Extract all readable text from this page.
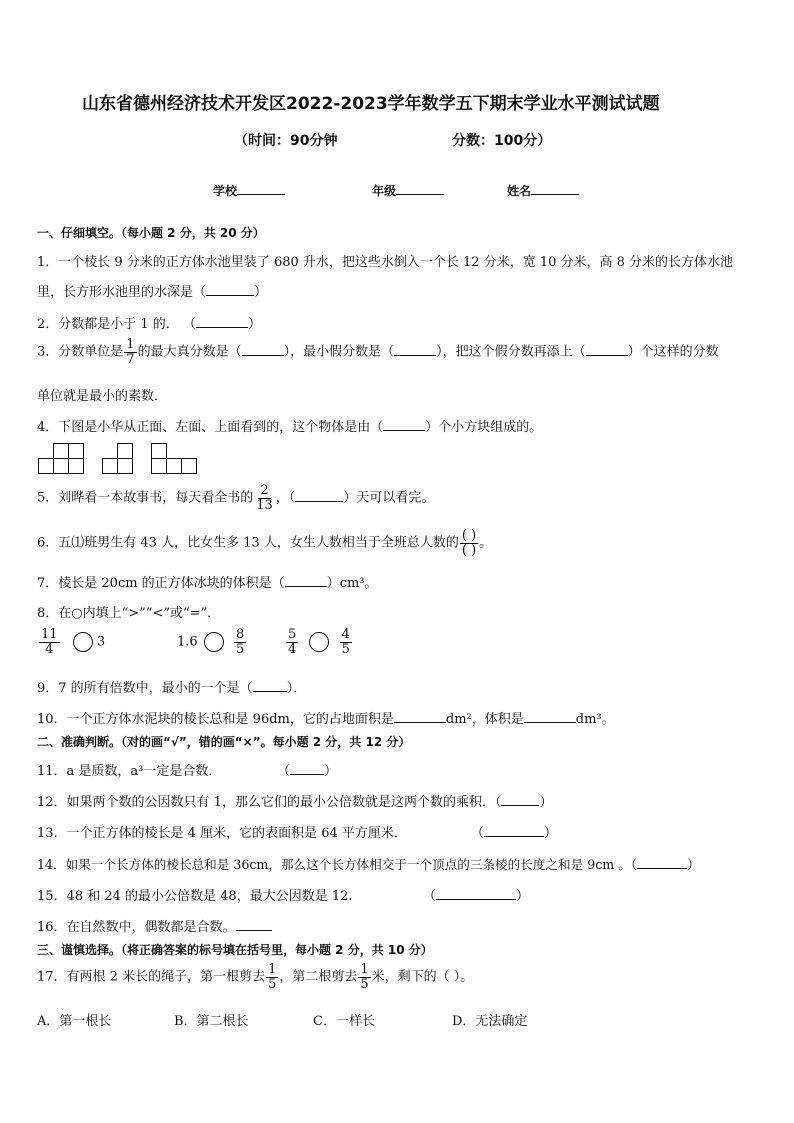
山东省德州经济技术开发区2022-2023学年数学五下期末学业水平测试试题
（时间：90分钟	分数：100分）
学校	年级	姓名
一、仔细填空。（每小题 2 分，共 20 分）
1．一个棱长 9 分米的正方体水池里装了 680 升水，把这些水倒入一个长 12 分米，宽 10 分米，高 8 分米的长方体水池
里，长方形水池里的水深是（	）
2．分数都是小于 1 的． （	）
3．分数单位是 $\frac{1}{7}$ 的最大真分数是（	），最小假分数是（	），把这个假分数再添上（	）个这样的分数
单位就是最小的素数．
4．下图是小华从正面、左面、上面看到的，这个物体是由（	）个小方块组成的。
5．刘晔看一本故事书，每天看全书的 $\frac{2}{13}$ ，（	）天可以看完。
6．五⑴班男生有 43 人，比女生多 13 人，女生人数相当于全班总人数的 $\frac{( )}{( )}$ 。
7．棱长是 20cm 的正方体冰块的体积是（	）cm³。
8．在○内填上“>”“<”或“=”．
$\frac{11}{4}$	3	1.6	$\frac{8}{5}$	$\frac{5}{4}$
	$\frac{4}{5}$
9．7 的所有倍数中，最小的一个是（	）．
10．一个正方体水泥块的棱长总和是 96dm，它的占地面积是	dm²，体积是	dm³。
二、准确判断。（对的画“√”，错的画“×”。每小题 2 分，共 12 分）
11．a 是质数，a³一定是合数．	（	）
12．如果两个数的公因数只有 1，那么它们的最小公倍数就是这两个数的乘积．（	）
13．一个正方体的棱长是 4 厘米，它的表面积是 64 平方厘米．	（	）
14．如果一个长方体的棱长总和是 36cm，那么这个长方体相交于一个顶点的三条棱的长度之和是 9cm 。（	）
15．48 和 24 的最小公倍数是 48，最大公因数是 12.	（	）
16．在自然数中，偶数都是合数。
三、谨慎选择。（将正确答案的标号填在括号里，每小题 2 分，共 10 分）
17．有两根 2 米长的绳子，第一根剪去 $\frac{1}{5}$ ，第二根剪去 $\frac{1}{5}$ 米，剩下的（ ）。
A．第一根长	B．第二根长	C．一样长	D．无法确定
